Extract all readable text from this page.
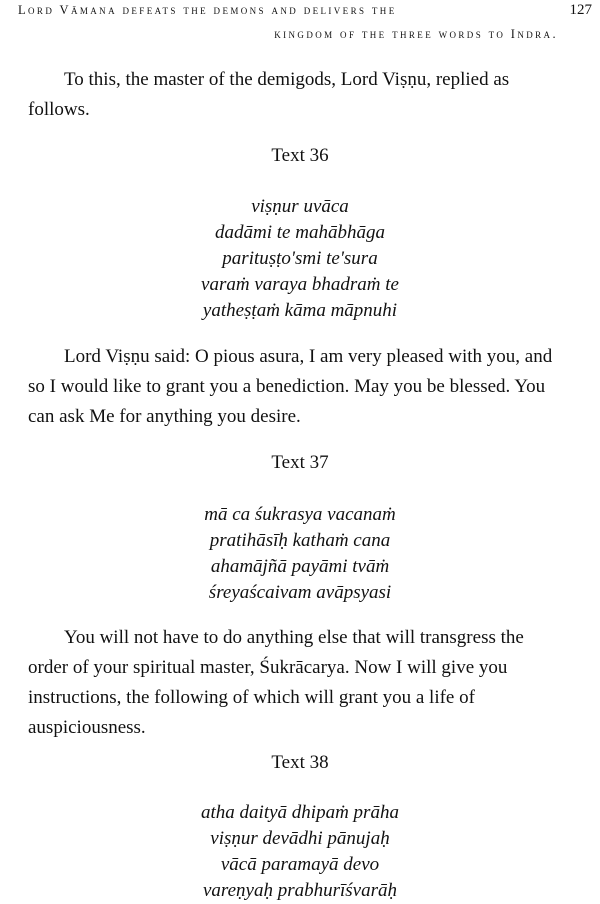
Lord Vāmana defeats the demons and delivers the
kingdom of the three words to Indra.
127

To this, the master of the demigods, Lord Viṣṇu, replied as follows.

Text 36
viṣṇur uvāca
dadāmi te mahābhāga
parituṣṭo'smi te'sura
varaṁ varaya bhadraṁ te
yatheṣṭaṁ kāma māpnuhi

Lord Viṣṇu said: O pious asura, I am very pleased with you, and so I would like to grant you a benediction. May you be blessed. You can ask Me for anything you desire.

Text 37
mā ca śukrasya vacanaṁ
pratihāsīḥ kathaṁ cana
ahamājñā payāmi tvāṁ
śreyaścaivam avāpsyasi

You will not have to do anything else that will transgress the order of your spiritual master, Śukrācarya. Now I will give you instructions, the following of which will grant you a life of auspiciousness.

Text 38
atha daityā dhipaṁ prāha
viṣṇur devādhi pānujaḥ
vācā paramayā devo
vareṇyaḥ prabhurīśvarāḥ
